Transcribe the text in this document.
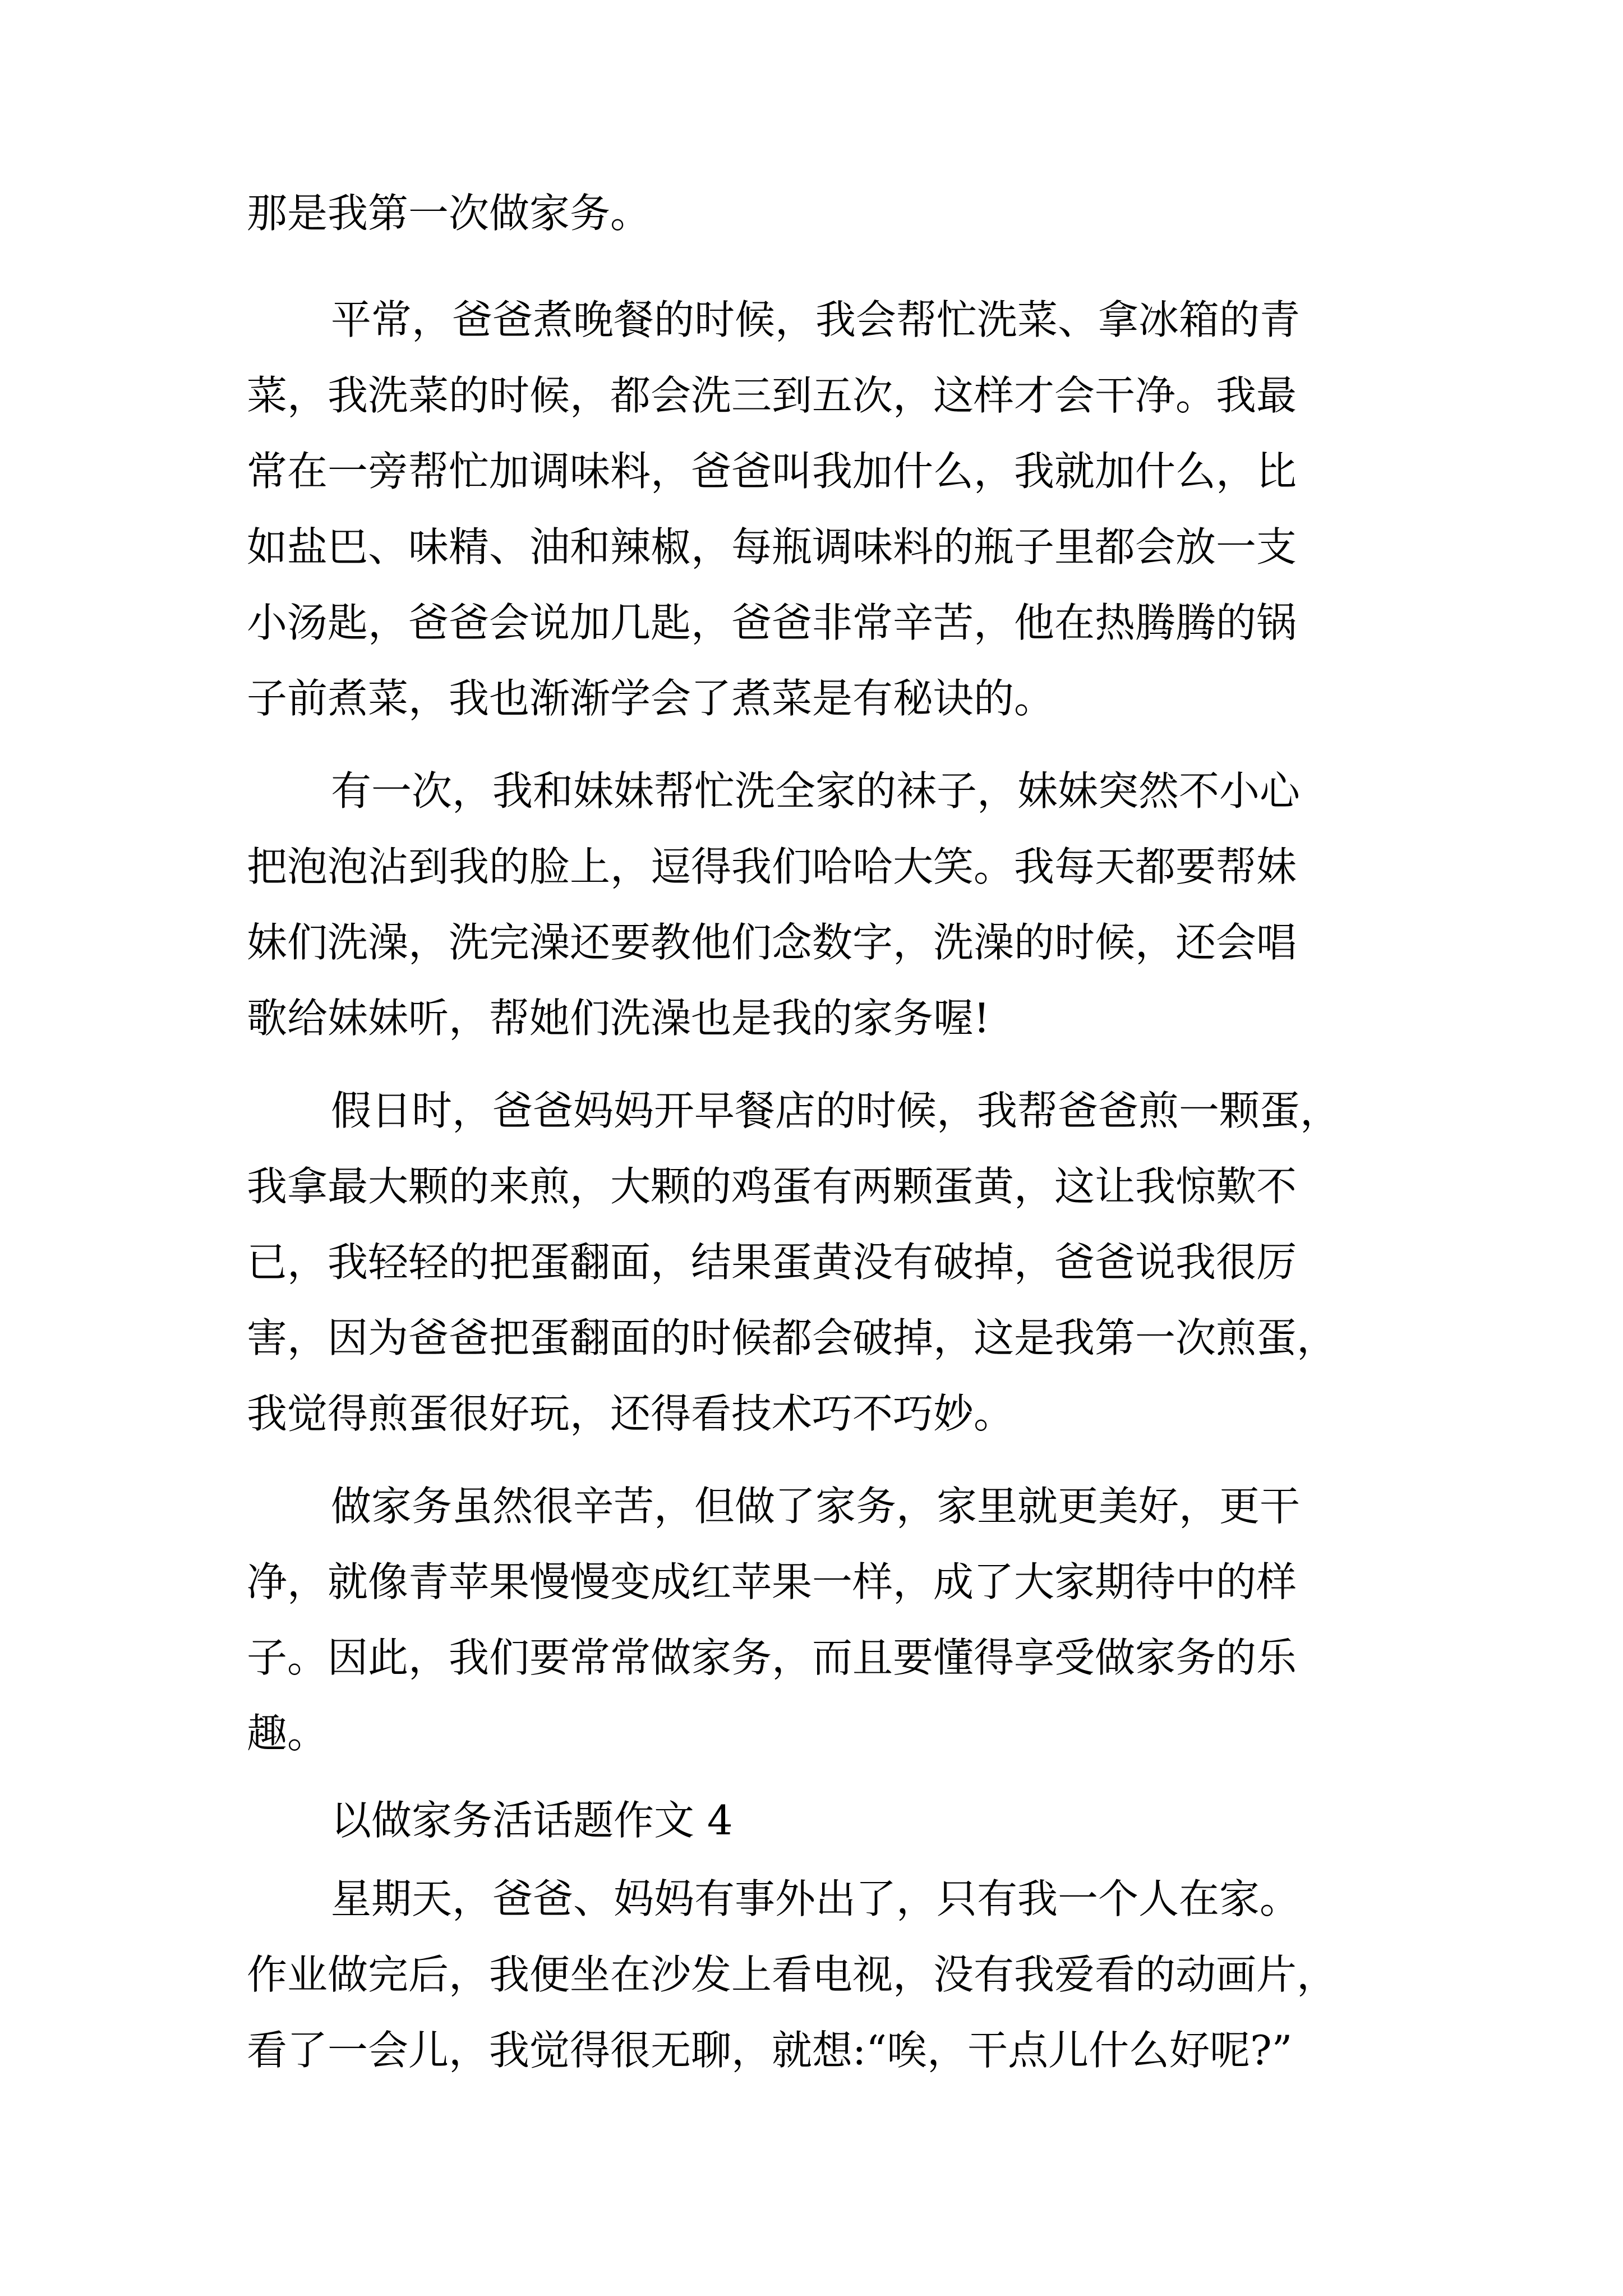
那是我第一次做家务。

平常，爸爸煮晚餐的时候，我会帮忙洗菜、拿冰箱的青

菜，我洗菜的时候，都会洗三到五次，这样才会干净。我最

常在一旁帮忙加调味料，爸爸叫我加什么，我就加什么，比

如盐巴、味精、油和辣椒，每瓶调味料的瓶子里都会放一支

小汤匙，爸爸会说加几匙，爸爸非常辛苦，他在热腾腾的锅

子前煮菜，我也渐渐学会了煮菜是有秘诀的。

有一次，我和妹妹帮忙洗全家的袜子，妹妹突然不小心

把泡泡沾到我的脸上，逗得我们哈哈大笑。我每天都要帮妹

妹们洗澡，洗完澡还要教他们念数字，洗澡的时候，还会唱

歌给妹妹听，帮她们洗澡也是我的家务喔!

假日时，爸爸妈妈开早餐店的时候，我帮爸爸煎一颗蛋，

我拿最大颗的来煎，大颗的鸡蛋有两颗蛋黄，这让我惊歎不

已，我轻轻的把蛋翻面，结果蛋黄没有破掉，爸爸说我很厉

害，因为爸爸把蛋翻面的时候都会破掉，这是我第一次煎蛋，

我觉得煎蛋很好玩，还得看技术巧不巧妙。

做家务虽然很辛苦，但做了家务，家里就更美好，更干

净，就像青苹果慢慢变成红苹果一样，成了大家期待中的样

子。因此，我们要常常做家务，而且要懂得享受做家务的乐

趣。

以做家务活话题作文 4

星期天，爸爸、妈妈有事外出了，只有我一个人在家。

作业做完后，我便坐在沙发上看电视，没有我爱看的动画片，

看了一会儿，我觉得很无聊，就想:“唉，干点儿什么好呢?”
